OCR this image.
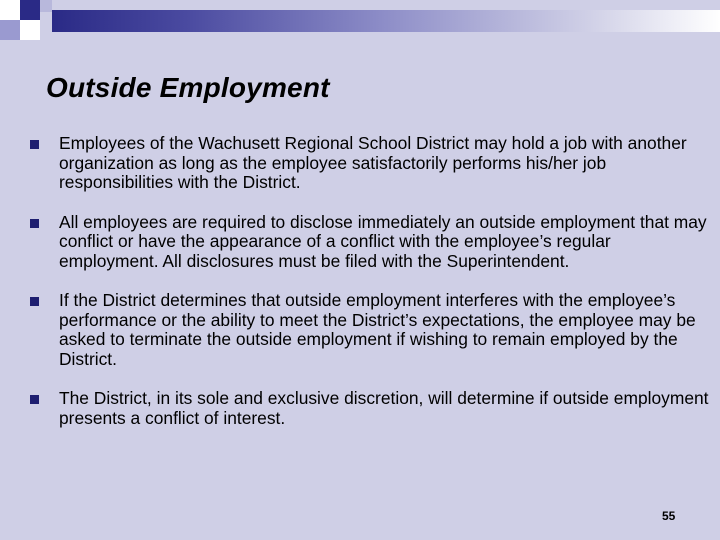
Outside Employment
Employees of the Wachusett Regional School District may hold a job with another organization as long as the employee satisfactorily performs his/her job responsibilities with the District.
All employees are required to disclose immediately an outside employment that may conflict or have the appearance of a conflict with the employee’s regular employment. All disclosures must be filed with the Superintendent.
If the District determines that outside employment interferes with the employee’s performance or the ability to meet the District’s expectations, the employee may be asked to terminate the outside employment if wishing to remain employed by the District.
The District, in its sole and exclusive discretion, will determine if outside employment presents a conflict of interest.
55
